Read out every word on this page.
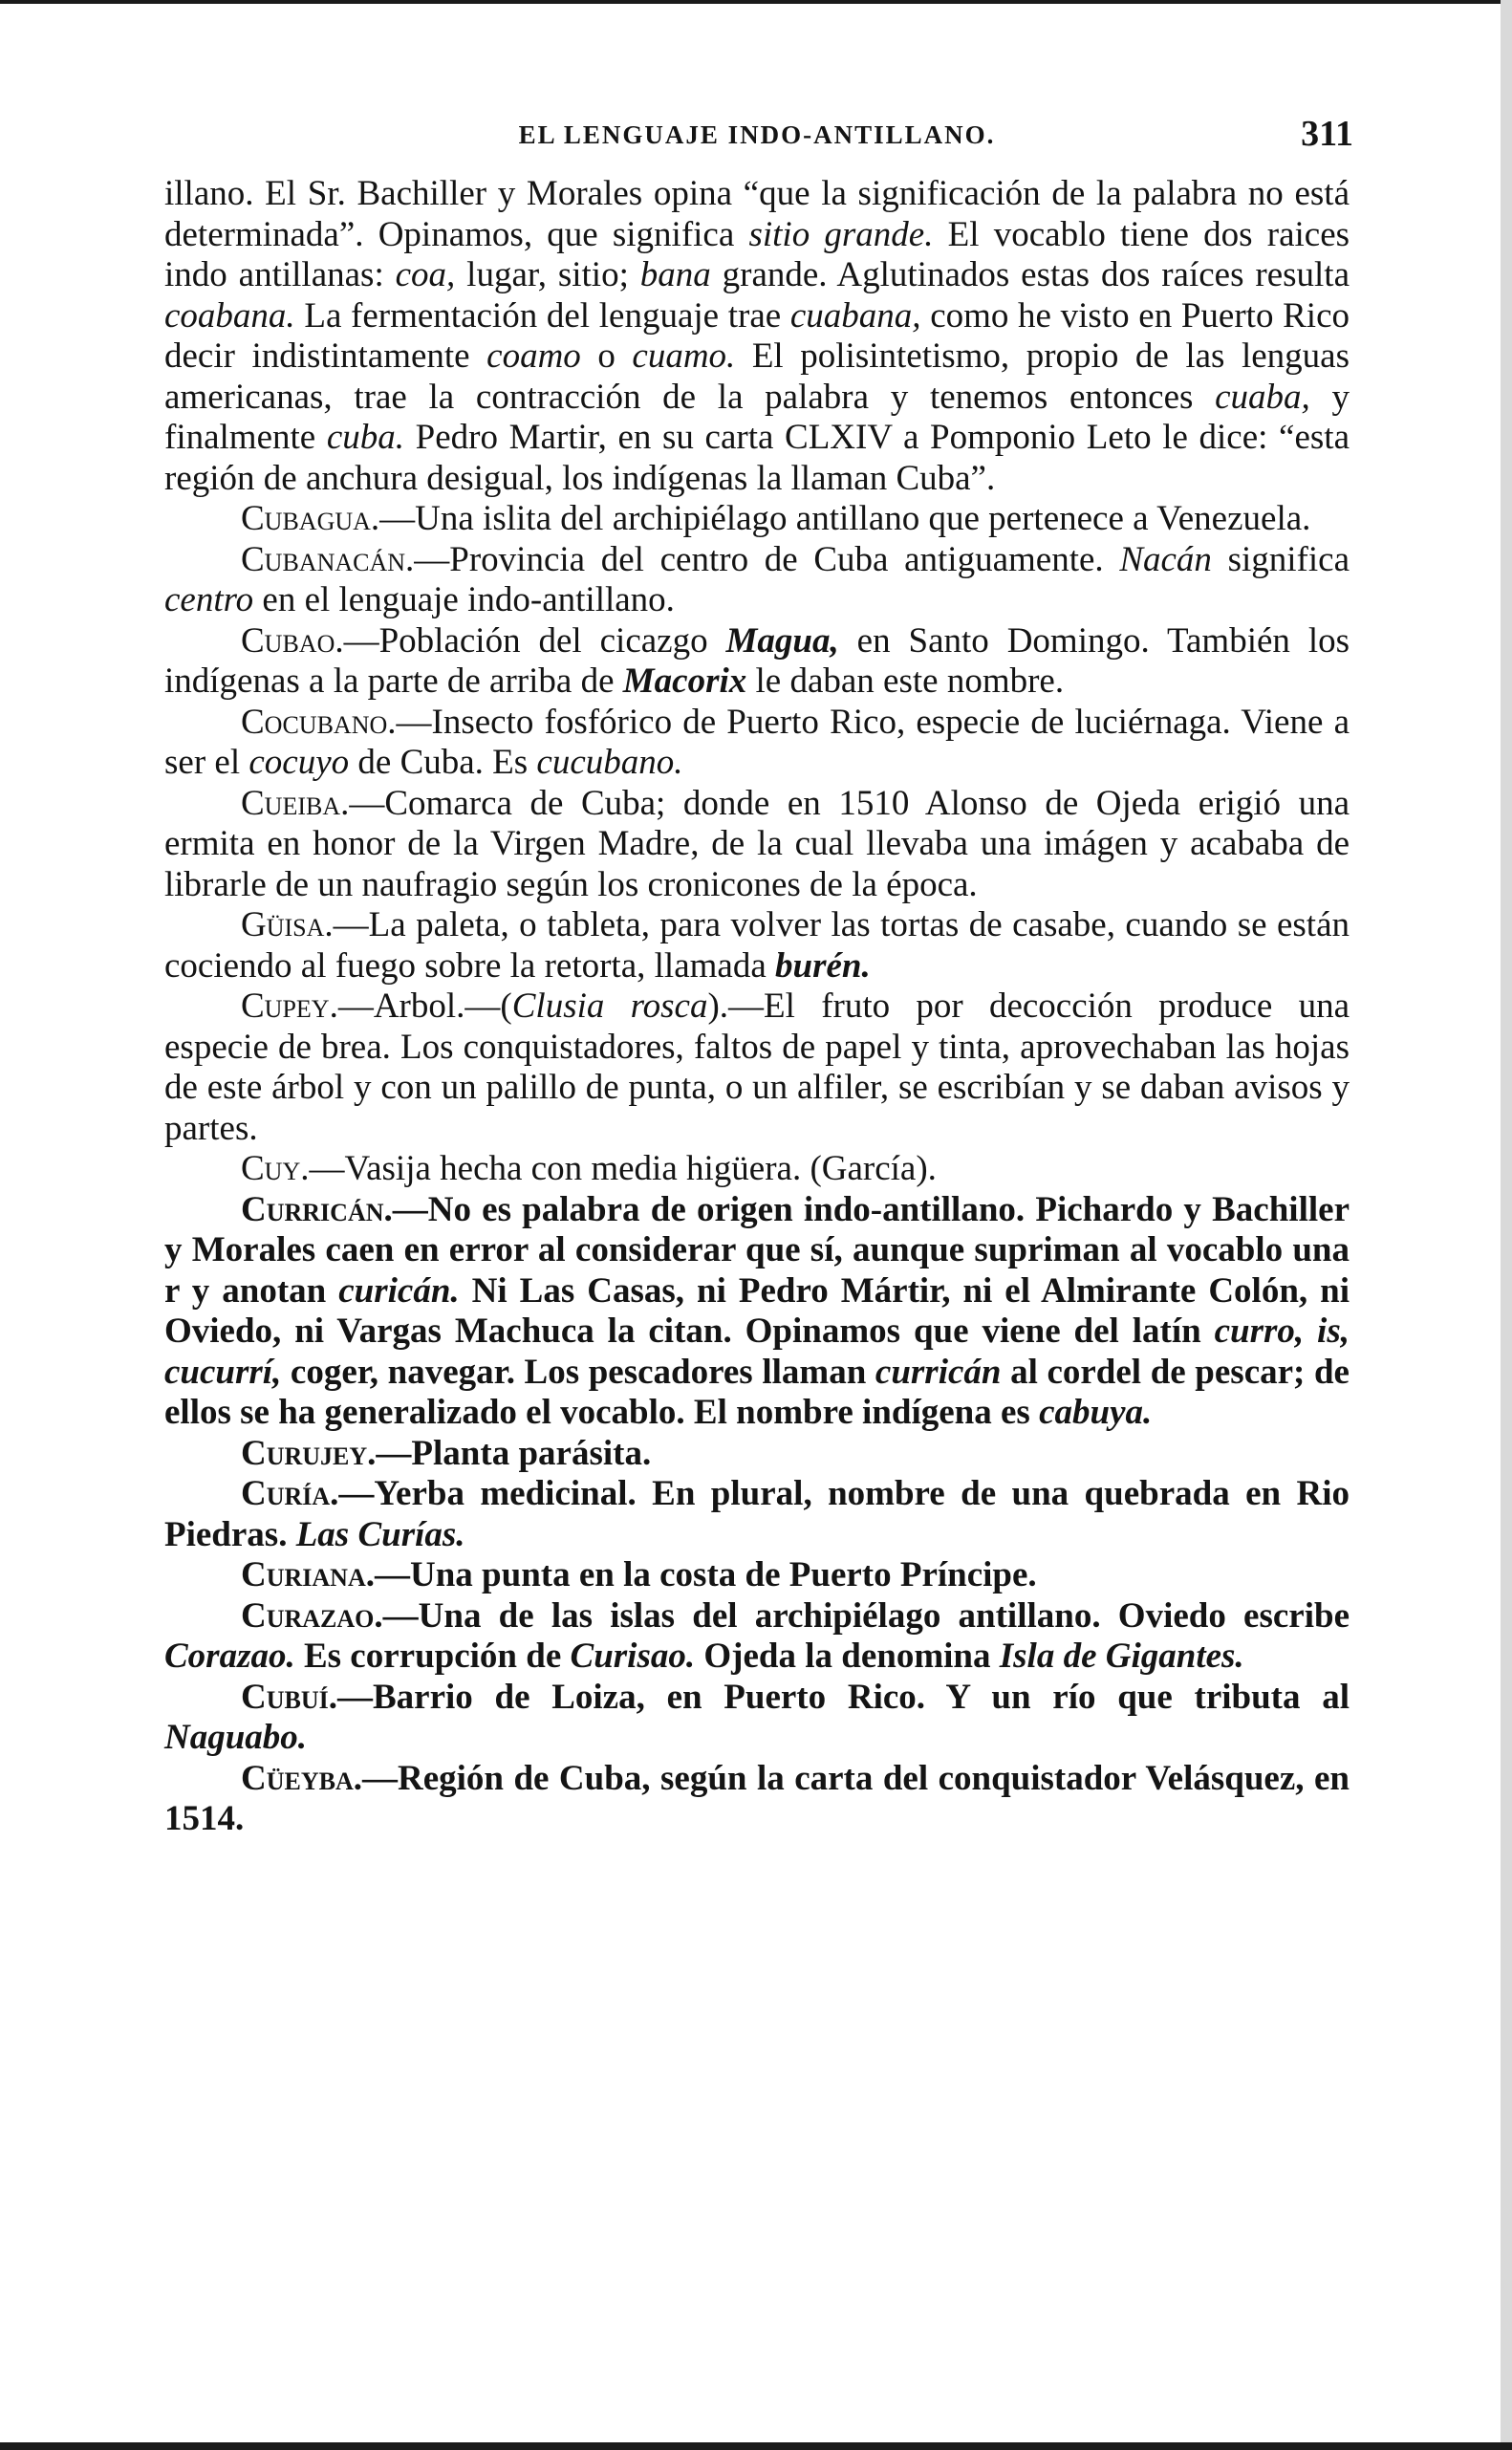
EL LENGUAJE INDO-ANTILLANO.	311

illano. El Sr. Bachiller y Morales opina “que la significación de la palabra no está determinada”. Opinamos, que significa sitio grande. El vocablo tiene dos raices indo antillanas: coa, lugar, sitio; bana grande. Aglutinados estas dos raíces resulta coabana. La fermentación del lenguaje trae cuabana, como he visto en Puerto Rico decir indistintamente coamo o cuamo. El polisintetismo, propio de las lenguas americanas, trae la contracción de la palabra y tenemos entonces cuaba, y finalmente cuba. Pedro Martir, en su carta CLXIV a Pomponio Leto le dice: “esta región de anchura desigual, los indígenas la llaman Cuba”.

Cubagua.—Una islita del archipiélago antillano que pertenece a Venezuela.

Cubanacán.—Provincia del centro de Cuba antiguamente. Nacán significa centro en el lenguaje indo-antillano.

Cubao.—Población del cicazgo Magua, en Santo Domingo. También los indígenas a la parte de arriba de Macorix le daban este nombre.

Cocubano.—Insecto fosfórico de Puerto Rico, especie de luciérnaga. Viene a ser el cocuyo de Cuba. Es cucubano.

Cueiba.—Comarca de Cuba; donde en 1510 Alonso de Ojeda erigió una ermita en honor de la Virgen Madre, de la cual llevaba una imágen y acababa de librarle de un naufragio según los cronicones de la época.

Güisa.—La paleta, o tableta, para volver las tortas de casabe, cuando se están cociendo al fuego sobre la retorta, llamada burén.

Cupey.—Arbol.—(Clusia rosca).—El fruto por decocción produce una especie de brea. Los conquistadores, faltos de papel y tinta, aprovechaban las hojas de este árbol y con un palillo de punta, o un alfiler, se escribían y se daban avisos y partes.

Cuy.—Vasija hecha con media higüera. (García).

Curricán.—No es palabra de origen indo-antillano. Pichardo y Bachiller y Morales caen en error al considerar que sí, aunque supriman al vocablo una r y anotan curicán. Ni Las Casas, ni Pedro Mártir, ni el Almirante Colón, ni Oviedo, ni Vargas Machuca la citan. Opinamos que viene del latín curro, is, cucurrí, coger, navegar. Los pescadores llaman curricán al cordel de pescar; de ellos se ha generalizado el vocablo. El nombre indígena es cabuya.

Curujey.—Planta parásita.

Curía.—Yerba medicinal. En plural, nombre de una quebrada en Rio Piedras. Las Curías.

Curiana.—Una punta en la costa de Puerto Príncipe.

Curazao.—Una de las islas del archipiélago antillano. Oviedo escribe Corazao. Es corrupción de Curisao. Ojeda la denomina Isla de Gigantes.

Cubuí.—Barrio de Loiza, en Puerto Rico. Y un río que tributa al Naguabo.

Cüeyba.—Región de Cuba, según la carta del conquistador Velásquez, en 1514.
